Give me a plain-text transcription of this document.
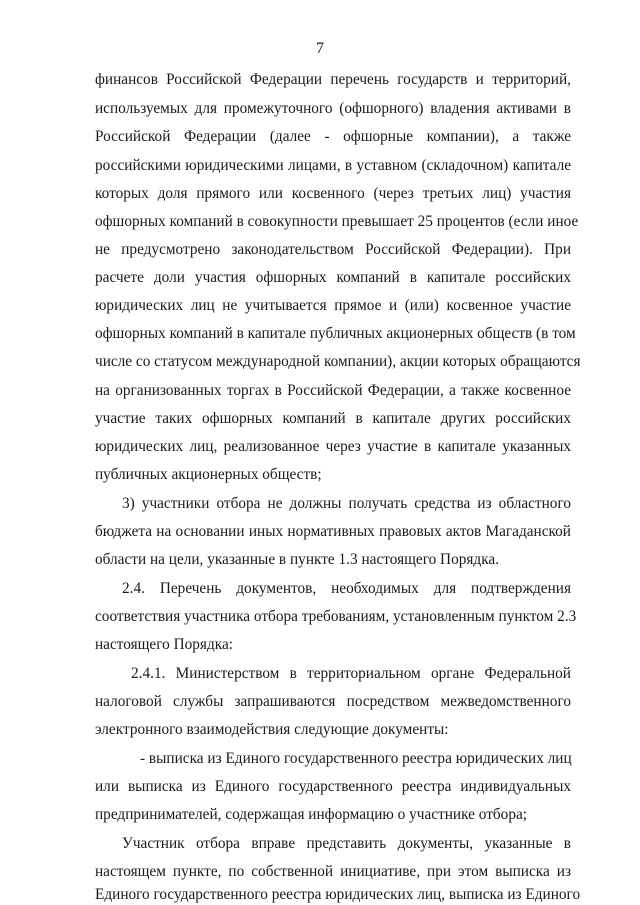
7
финансов Российской Федерации перечень государств и территорий,
используемых для промежуточного (офшорного) владения активами в
Российской Федерации (далее - офшорные компании), а также
российскими юридическими лицами, в уставном (складочном) капитале
которых доля прямого или косвенного (через третьих лиц) участия
офшорных компаний в совокупности превышает 25 процентов (если иное
не предусмотрено законодательством Российской Федерации). При
расчете доли участия офшорных компаний в капитале российских
юридических лиц не учитывается прямое и (или) косвенное участие
офшорных компаний в капитале публичных акционерных обществ (в том
числе со статусом международной компании), акции которых обращаются
на организованных торгах в Российской Федерации, а также косвенное
участие таких офшорных компаний в капитале других российских
юридических лиц, реализованное через участие в капитале указанных
публичных акционерных обществ;
3) участники отбора не должны получать средства из областного
бюджета на основании иных нормативных правовых актов Магаданской
области на цели, указанные в пункте 1.3 настоящего Порядка.
2.4. Перечень документов, необходимых для подтверждения
соответствия участника отбора требованиям, установленным пунктом 2.3
настоящего Порядка:
2.4.1. Министерством в территориальном органе Федеральной
налоговой службы запрашиваются посредством межведомственного
электронного взаимодействия следующие документы:
- выписка из Единого государственного реестра юридических лиц
или выписка из Единого государственного реестра индивидуальных
предпринимателей, содержащая информацию о участнике отбора;
Участник отбора вправе представить документы, указанные в
настоящем пункте, по собственной инициативе, при этом выписка из
Единого государственного реестра юридических лиц, выписка из Единого
